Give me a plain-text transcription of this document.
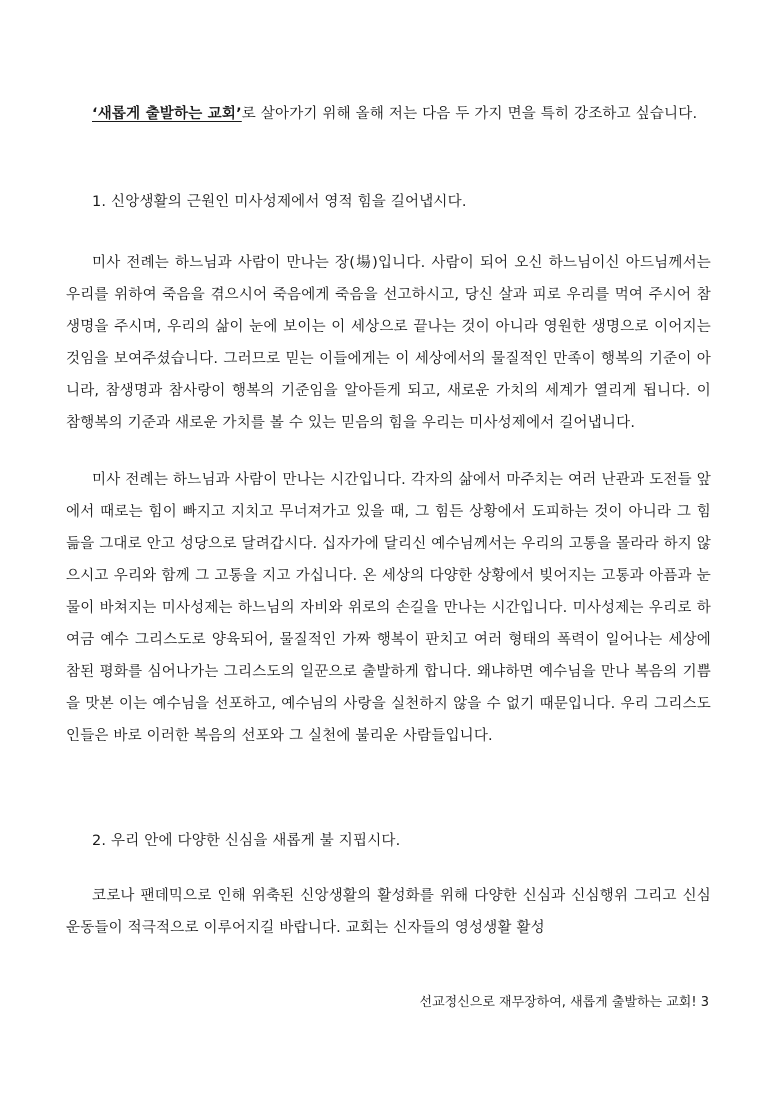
‘새롭게 출발하는 교회’로 살아가기 위해 올해 저는 다음 두 가지 면을 특히 강조하고 싶습니다.

1. 신앙생활의 근원인 미사성제에서 영적 힘을 길어냅시다.

미사 전례는 하느님과 사람이 만나는 장(場)입니다. 사람이 되어 오신 하느님이신 아드님께서는 우리를 위하여 죽음을 겪으시어 죽음에게 죽음을 선고하시고, 당신 살과 피로 우리를 먹여 주시어 참생명을 주시며, 우리의 삶이 눈에 보이는 이 세상으로 끝나는 것이 아니라 영원한 생명으로 이어지는 것임을 보여주셨습니다. 그러므로 믿는 이들에게는 이 세상에서의 물질적인 만족이 행복의 기준이 아니라, 참생명과 참사랑이 행복의 기준임을 알아듣게 되고, 새로운 가치의 세계가 열리게 됩니다. 이 참행복의 기준과 새로운 가치를 볼 수 있는 믿음의 힘을 우리는 미사성제에서 길어냅니다.

미사 전례는 하느님과 사람이 만나는 시간입니다. 각자의 삶에서 마주치는 여러 난관과 도전들 앞에서 때로는 힘이 빠지고 지치고 무너져가고 있을 때, 그 힘든 상황에서 도피하는 것이 아니라 그 힘듦을 그대로 안고 성당으로 달려갑시다. 십자가에 달리신 예수님께서는 우리의 고통을 몰라라 하지 않으시고 우리와 함께 그 고통을 지고 가십니다. 온 세상의 다양한 상황에서 빚어지는 고통과 아픔과 눈물이 바쳐지는 미사성제는 하느님의 자비와 위로의 손길을 만나는 시간입니다. 미사성제는 우리로 하여금 예수 그리스도로 양육되어, 물질적인 가짜 행복이 판치고 여러 형태의 폭력이 일어나는 세상에 참된 평화를 심어나가는 그리스도의 일꾼으로 출발하게 합니다. 왜냐하면 예수님을 만나 복음의 기쁨을 맛본 이는 예수님을 선포하고, 예수님의 사랑을 실천하지 않을 수 없기 때문입니다. 우리 그리스도인들은 바로 이러한 복음의 선포와 그 실천에 불리운 사람들입니다.

2. 우리 안에 다양한 신심을 새롭게 불 지핍시다.

코로나 팬데믹으로 인해 위축된 신앙생활의 활성화를 위해 다양한 신심과 신심행위 그리고 신심운동들이 적극적으로 이루어지길 바랍니다. 교회는 신자들의 영성생활 활성

선교정신으로 재무장하여, 새롭게 출발하는 교회! 3
